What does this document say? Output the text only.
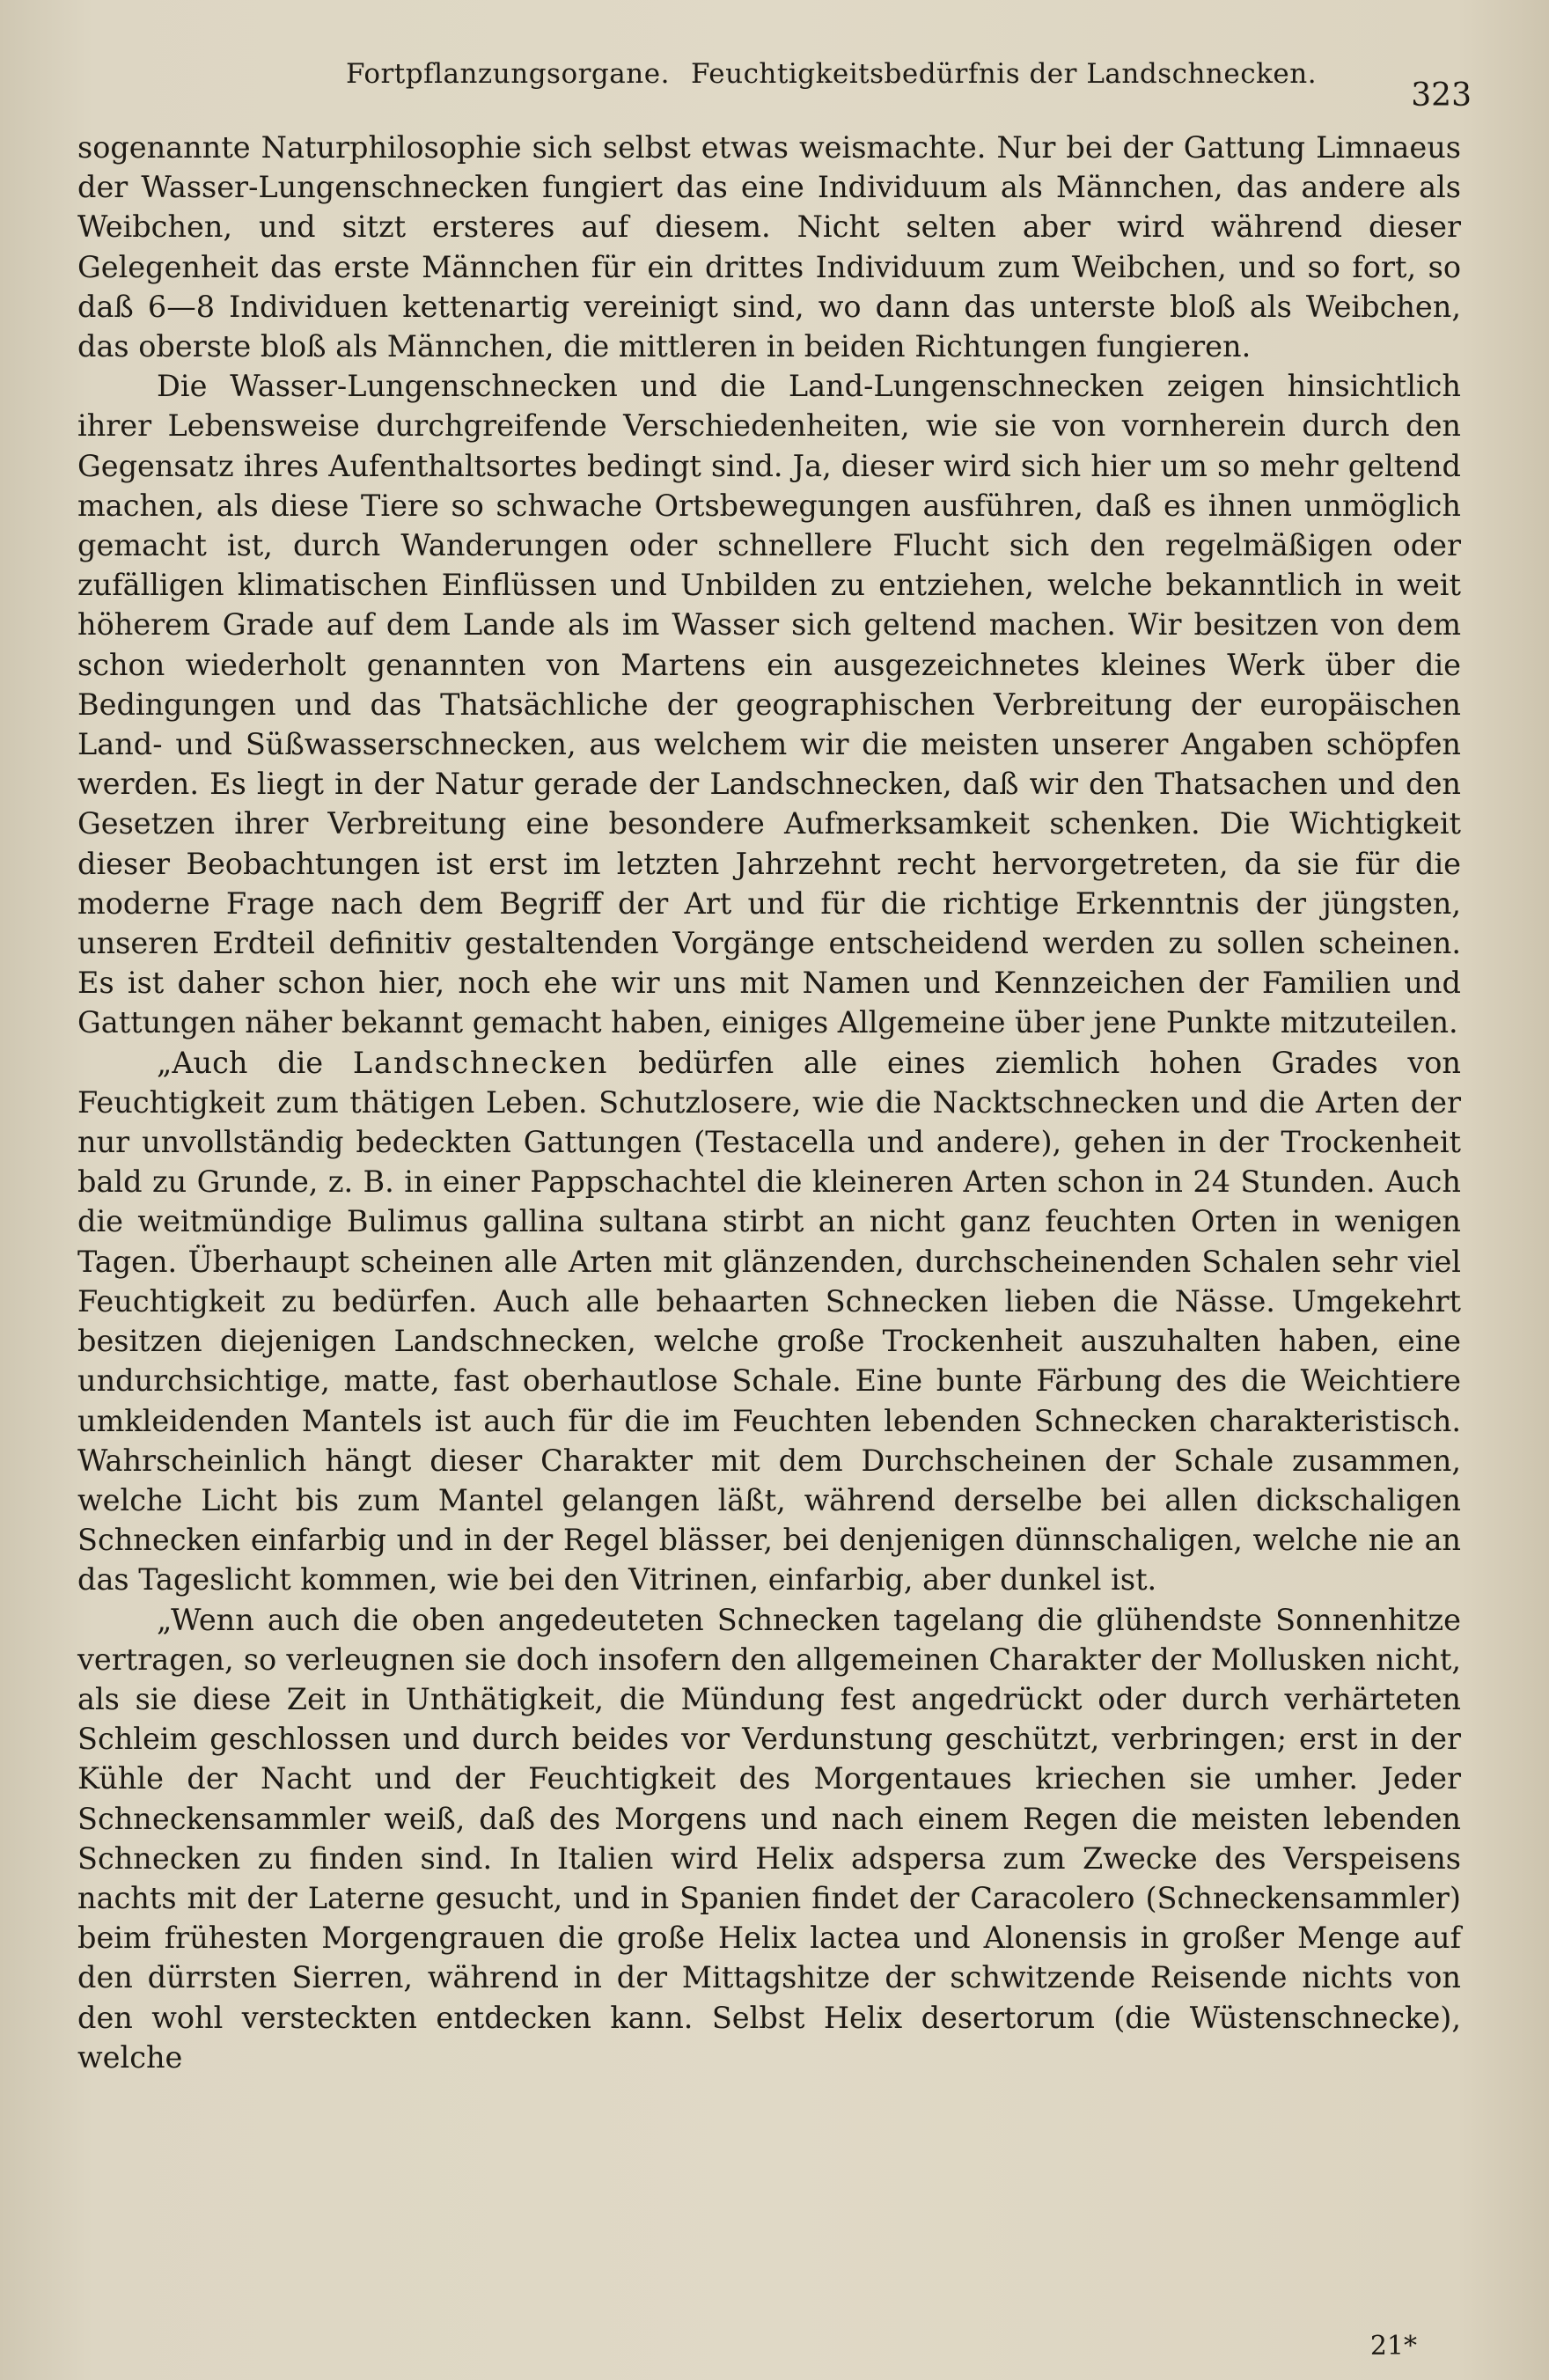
Fortpflanzungsorgane. Feuchtigkeitsbedürfnis der Landschnecken.
323

sogenannte Naturphilosophie sich selbst etwas weismachte. Nur bei der Gattung Limnaeus der Wasser-Lungenschnecken fungiert das eine Individuum als Männchen, das andere als Weibchen, und sitzt ersteres auf diesem. Nicht selten aber wird während dieser Gelegenheit das erste Männchen für ein drittes Individuum zum Weibchen, und so fort, so daß 6—8 Individuen kettenartig vereinigt sind, wo dann das unterste bloß als Weibchen, das oberste bloß als Männchen, die mittleren in beiden Richtungen fungieren.

Die Wasser-Lungenschnecken und die Land-Lungenschnecken zeigen hinsichtlich ihrer Lebensweise durchgreifende Verschiedenheiten, wie sie von vornherein durch den Gegensatz ihres Aufenthaltsortes bedingt sind. Ja, dieser wird sich hier um so mehr geltend machen, als diese Tiere so schwache Ortsbewegungen ausführen, daß es ihnen unmöglich gemacht ist, durch Wanderungen oder schnellere Flucht sich den regelmäßigen oder zufälligen klimatischen Einflüssen und Unbilden zu entziehen, welche bekanntlich in weit höherem Grade auf dem Lande als im Wasser sich geltend machen. Wir besitzen von dem schon wiederholt genannten von Martens ein ausgezeichnetes kleines Werk über die Bedingungen und das Thatsächliche der geographischen Verbreitung der europäischen Land- und Süßwasserschnecken, aus welchem wir die meisten unserer Angaben schöpfen werden. Es liegt in der Natur gerade der Landschnecken, daß wir den Thatsachen und den Gesetzen ihrer Verbreitung eine besondere Aufmerksamkeit schenken. Die Wichtigkeit dieser Beobachtungen ist erst im letzten Jahrzehnt recht hervorgetreten, da sie für die moderne Frage nach dem Begriff der Art und für die richtige Erkenntnis der jüngsten, unseren Erdteil definitiv gestaltenden Vorgänge entscheidend werden zu sollen scheinen. Es ist daher schon hier, noch ehe wir uns mit Namen und Kennzeichen der Familien und Gattungen näher bekannt gemacht haben, einiges Allgemeine über jene Punkte mitzuteilen.

„Auch die Landschnecken bedürfen alle eines ziemlich hohen Grades von Feuchtigkeit zum thätigen Leben. Schutzlosere, wie die Nacktschnecken und die Arten der nur unvollständig bedeckten Gattungen (Testacella und andere), gehen in der Trockenheit bald zu Grunde, z. B. in einer Pappschachtel die kleineren Arten schon in 24 Stunden. Auch die weitmündige Bulimus gallina sultana stirbt an nicht ganz feuchten Orten in wenigen Tagen. Überhaupt scheinen alle Arten mit glänzenden, durchscheinenden Schalen sehr viel Feuchtigkeit zu bedürfen. Auch alle behaarten Schnecken lieben die Nässe. Umgekehrt besitzen diejenigen Landschnecken, welche große Trockenheit auszuhalten haben, eine undurchsichtige, matte, fast oberhautlose Schale. Eine bunte Färbung des die Weichtiere umkleidenden Mantels ist auch für die im Feuchten lebenden Schnecken charakteristisch. Wahrscheinlich hängt dieser Charakter mit dem Durchscheinen der Schale zusammen, welche Licht bis zum Mantel gelangen läßt, während derselbe bei allen dickschaligen Schnecken einfarbig und in der Regel blässer, bei denjenigen dünnschaligen, welche nie an das Tageslicht kommen, wie bei den Vitrinen, einfarbig, aber dunkel ist.

„Wenn auch die oben angedeuteten Schnecken tagelang die glühendste Sonnenhitze vertragen, so verleugnen sie doch insofern den allgemeinen Charakter der Mollusken nicht, als sie diese Zeit in Unthätigkeit, die Mündung fest angedrückt oder durch verhärteten Schleim geschlossen und durch beides vor Verdunstung geschützt, verbringen; erst in der Kühle der Nacht und der Feuchtigkeit des Morgentaues kriechen sie umher. Jeder Schneckensammler weiß, daß des Morgens und nach einem Regen die meisten lebenden Schnecken zu finden sind. In Italien wird Helix adspersa zum Zwecke des Verspeisens nachts mit der Laterne gesucht, und in Spanien findet der Caracolero (Schneckensammler) beim frühesten Morgengrauen die große Helix lactea und Alonensis in großer Menge auf den dürrsten Sierren, während in der Mittagshitze der schwitzende Reisende nichts von den wohl versteckten entdecken kann. Selbst Helix desertorum (die Wüstenschnecke), welche

21*
